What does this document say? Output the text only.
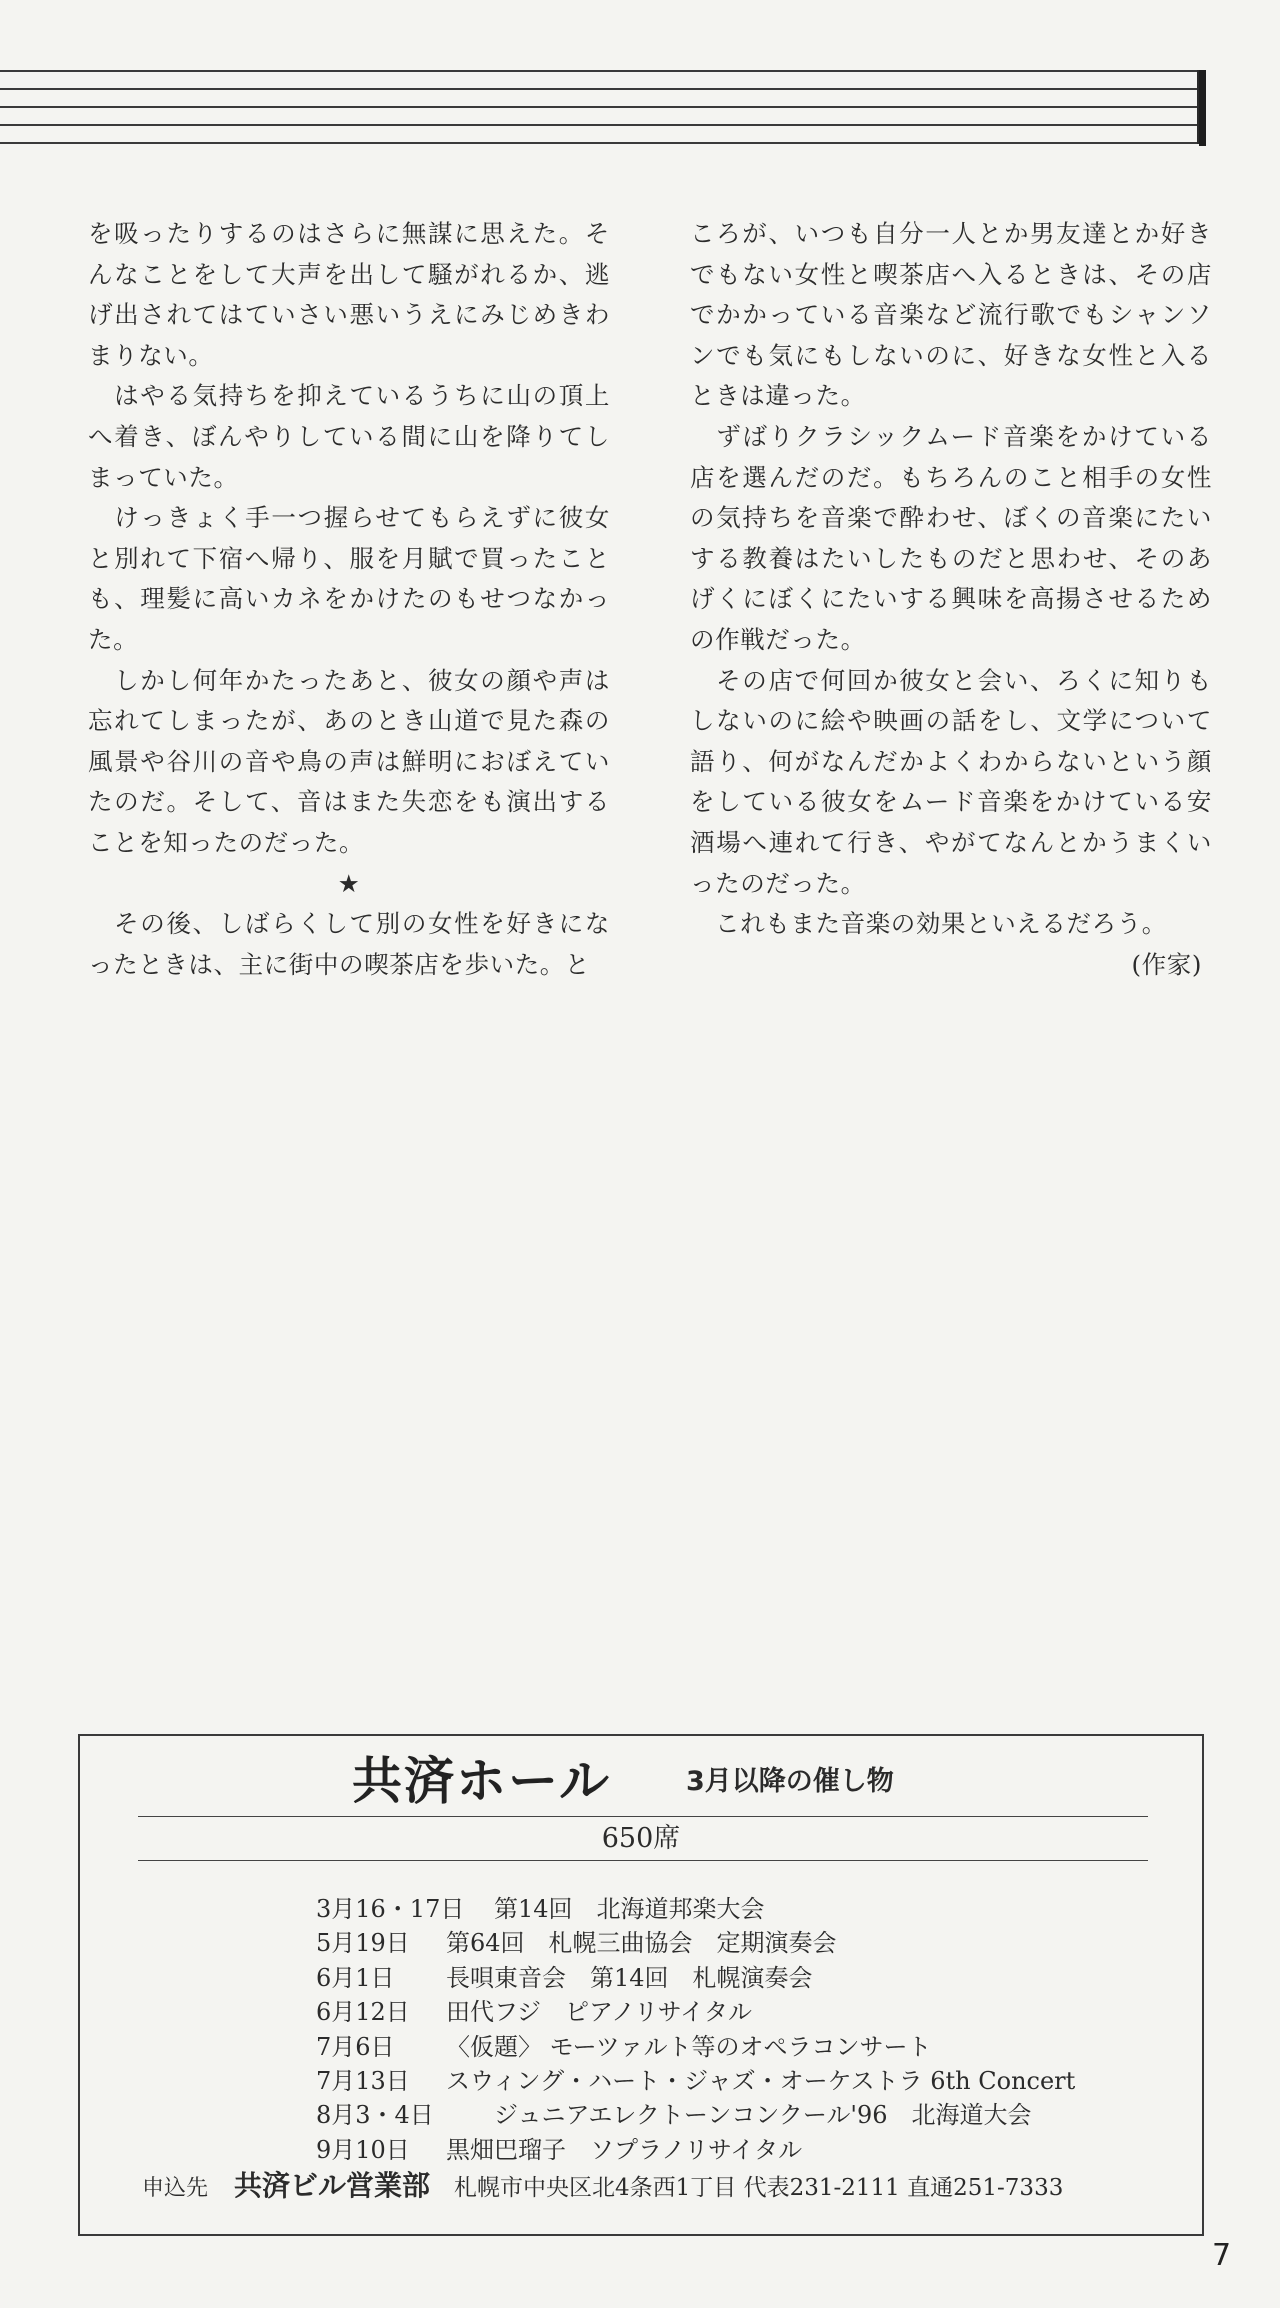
を吸ったりするのはさらに無謀に思えた。そんなことをして大声を出して騒がれるか、逃げ出されてはていさい悪いうえにみじめきわまりない。

　はやる気持ちを抑えているうちに山の頂上へ着き、ぼんやりしている間に山を降りてしまっていた。

　けっきょく手一つ握らせてもらえずに彼女と別れて下宿へ帰り、服を月賦で買ったことも、理髪に高いカネをかけたのもせつなかった。

　しかし何年かたったあと、彼女の顔や声は忘れてしまったが、あのとき山道で見た森の風景や谷川の音や鳥の声は鮮明におぼえていたのだ。そして、音はまた失恋をも演出することを知ったのだった。

★

　その後、しばらくして別の女性を好きになったときは、主に街中の喫茶店を歩いた。と

ころが、いつも自分一人とか男友達とか好きでもない女性と喫茶店へ入るときは、その店でかかっている音楽など流行歌でもシャンソンでも気にもしないのに、好きな女性と入るときは違った。

　ずばりクラシックムード音楽をかけている店を選んだのだ。もちろんのこと相手の女性の気持ちを音楽で酔わせ、ぼくの音楽にたいする教養はたいしたものだと思わせ、そのあげくにぼくにたいする興味を高揚させるための作戦だった。

　その店で何回か彼女と会い、ろくに知りもしないのに絵や映画の話をし、文学について語り、何がなんだかよくわからないという顔をしている彼女をムード音楽をかけている安酒場へ連れて行き、やがてなんとかうまくいったのだった。

　これもまた音楽の効果といえるだろう。

(作家)

共済ホール	3月以降の催し物
650席
3月16・17日
　　第14回　北海道邦楽大会
5月19日 第64回　札幌三曲協会　定期演奏会
6月1日 長唄東音会　第14回　札幌演奏会
6月12日 田代フジ　ピアノリサイタル
7月6日 〈仮題〉 モーツァルト等のオペラコンサート
7月13日 スウィング・ハート・ジャズ・オーケストラ 6th Concert
8月3・4日 　　ジュニアエレクトーンコンクール'96　北海道大会
9月10日 黒畑巴瑠子　ソプラノリサイタル
申込先 共済ビル営業部 札幌市中央区北4条西1丁目 代表231-2111 直通251-7333
7
